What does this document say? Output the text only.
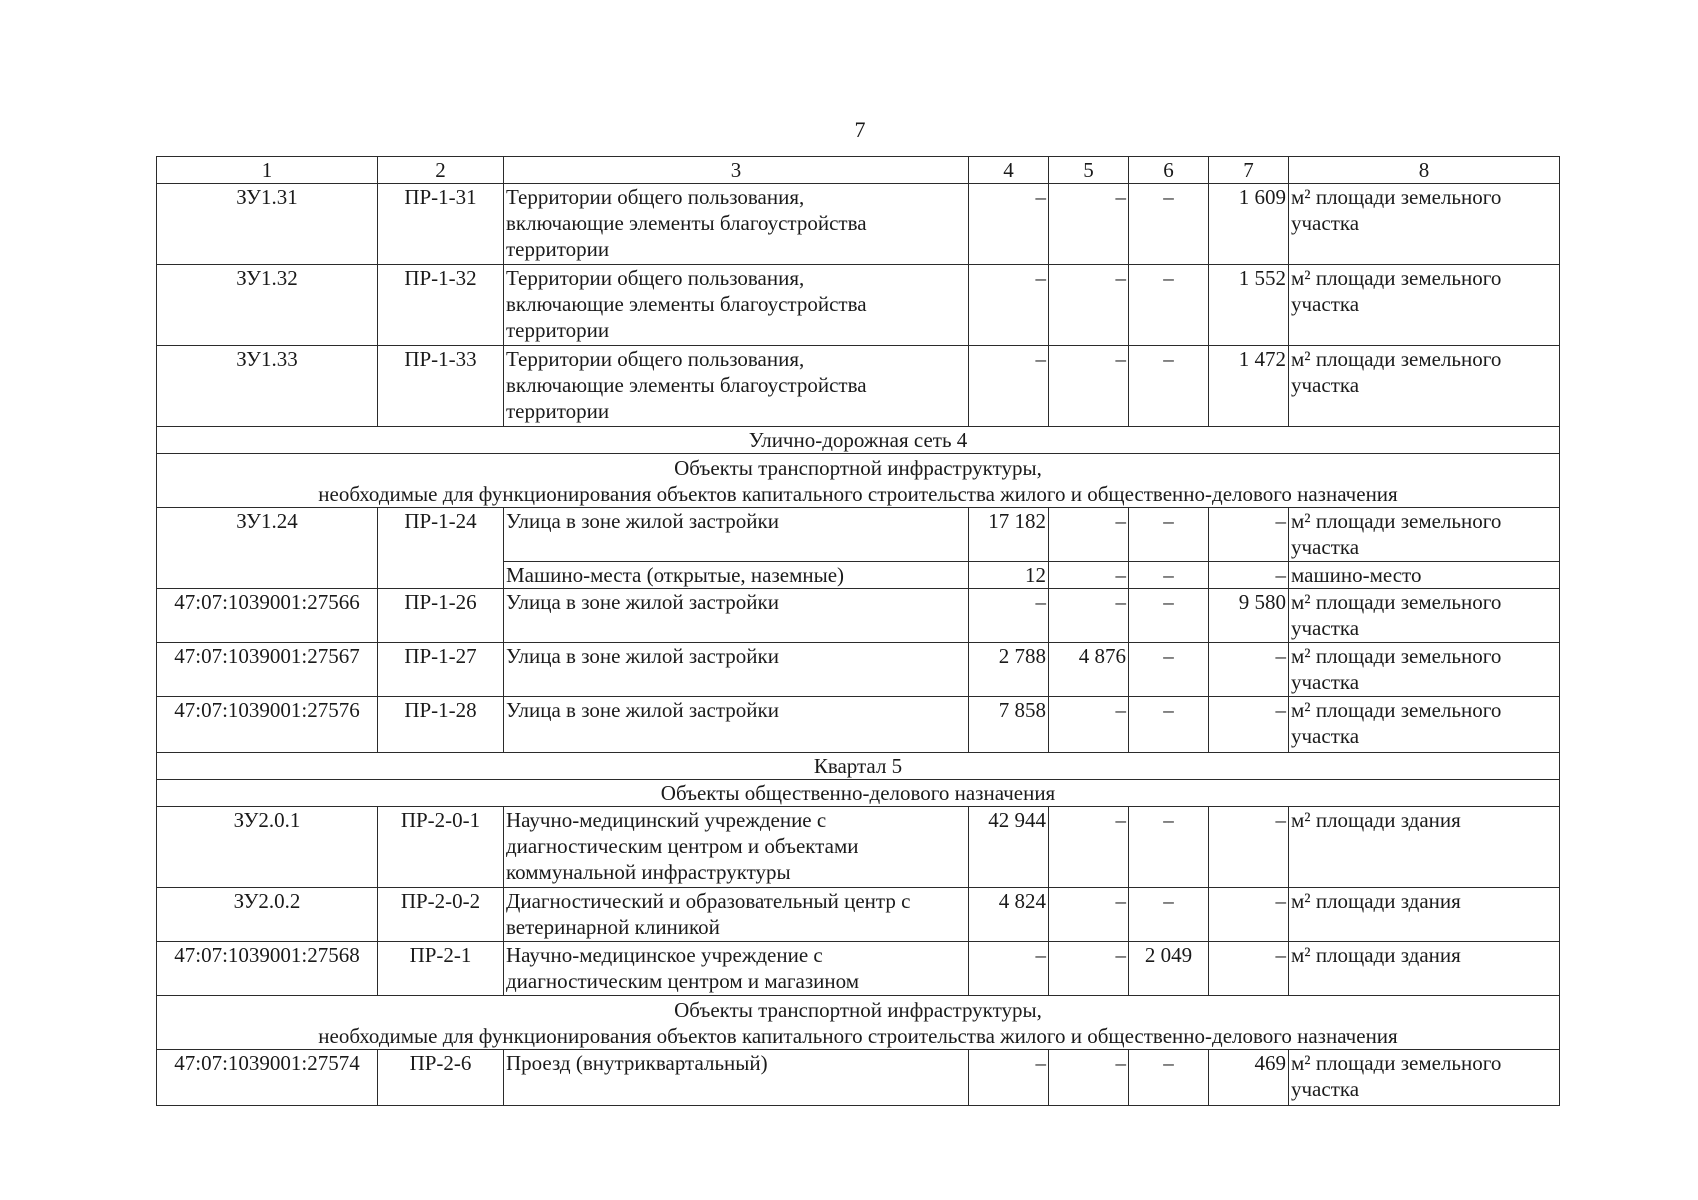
7
1	2	3	4	5	6	7	8
ЗУ1.31	ПР-1-31	Территории общего пользования,
включающие элементы благоустройства
территории	–	–	–	1 609	м² площади земельного
участка
ЗУ1.32	ПР-1-32	Территории общего пользования,
включающие элементы благоустройства
территории	–	–	–	1 552	м² площади земельного
участка
ЗУ1.33	ПР-1-33	Территории общего пользования,
включающие элементы благоустройства
территории	–	–	–	1 472	м² площади земельного
участка
Улично-дорожная сеть 4							
Объекты транспортной инфраструктуры,
необходимые для функционирования объектов капитального строительства жилого и общественно-делового назначения							
ЗУ1.24	ПР-1-24	Улица в зоне жилой застройки	17 182	–	–	–	м² площади земельного
участка
		Машино-места (открытые, наземные)	12	–	–	–	машино-место
47:07:1039001:27566	ПР-1-26	Улица в зоне жилой застройки	–	–	–	9 580	м² площади земельного
участка
47:07:1039001:27567	ПР-1-27	Улица в зоне жилой застройки	2 788	4 876	–	–	м² площади земельного
участка
47:07:1039001:27576	ПР-1-28	Улица в зоне жилой застройки	7 858	–	–	–	м² площади земельного
участка
Квартал 5							
Объекты общественно-делового назначения							
ЗУ2.0.1	ПР-2-0-1	Научно-медицинский учреждение с
диагностическим центром и объектами
коммунальной инфраструктуры	42 944	–	–	–	м² площади здания
ЗУ2.0.2	ПР-2-0-2	Диагностический и образовательный центр с
ветеринарной клиникой	4 824	–	–	–	м² площади здания
47:07:1039001:27568	ПР-2-1	Научно-медицинское учреждение с
диагностическим центром и магазином	–	–	2 049	–	м² площади здания
Объекты транспортной инфраструктуры,
необходимые для функционирования объектов капитального строительства жилого и общественно-делового назначения							
47:07:1039001:27574	ПР-2-6	Проезд (внутриквартальный)	–	–	–	469	м² площади земельного
участка
